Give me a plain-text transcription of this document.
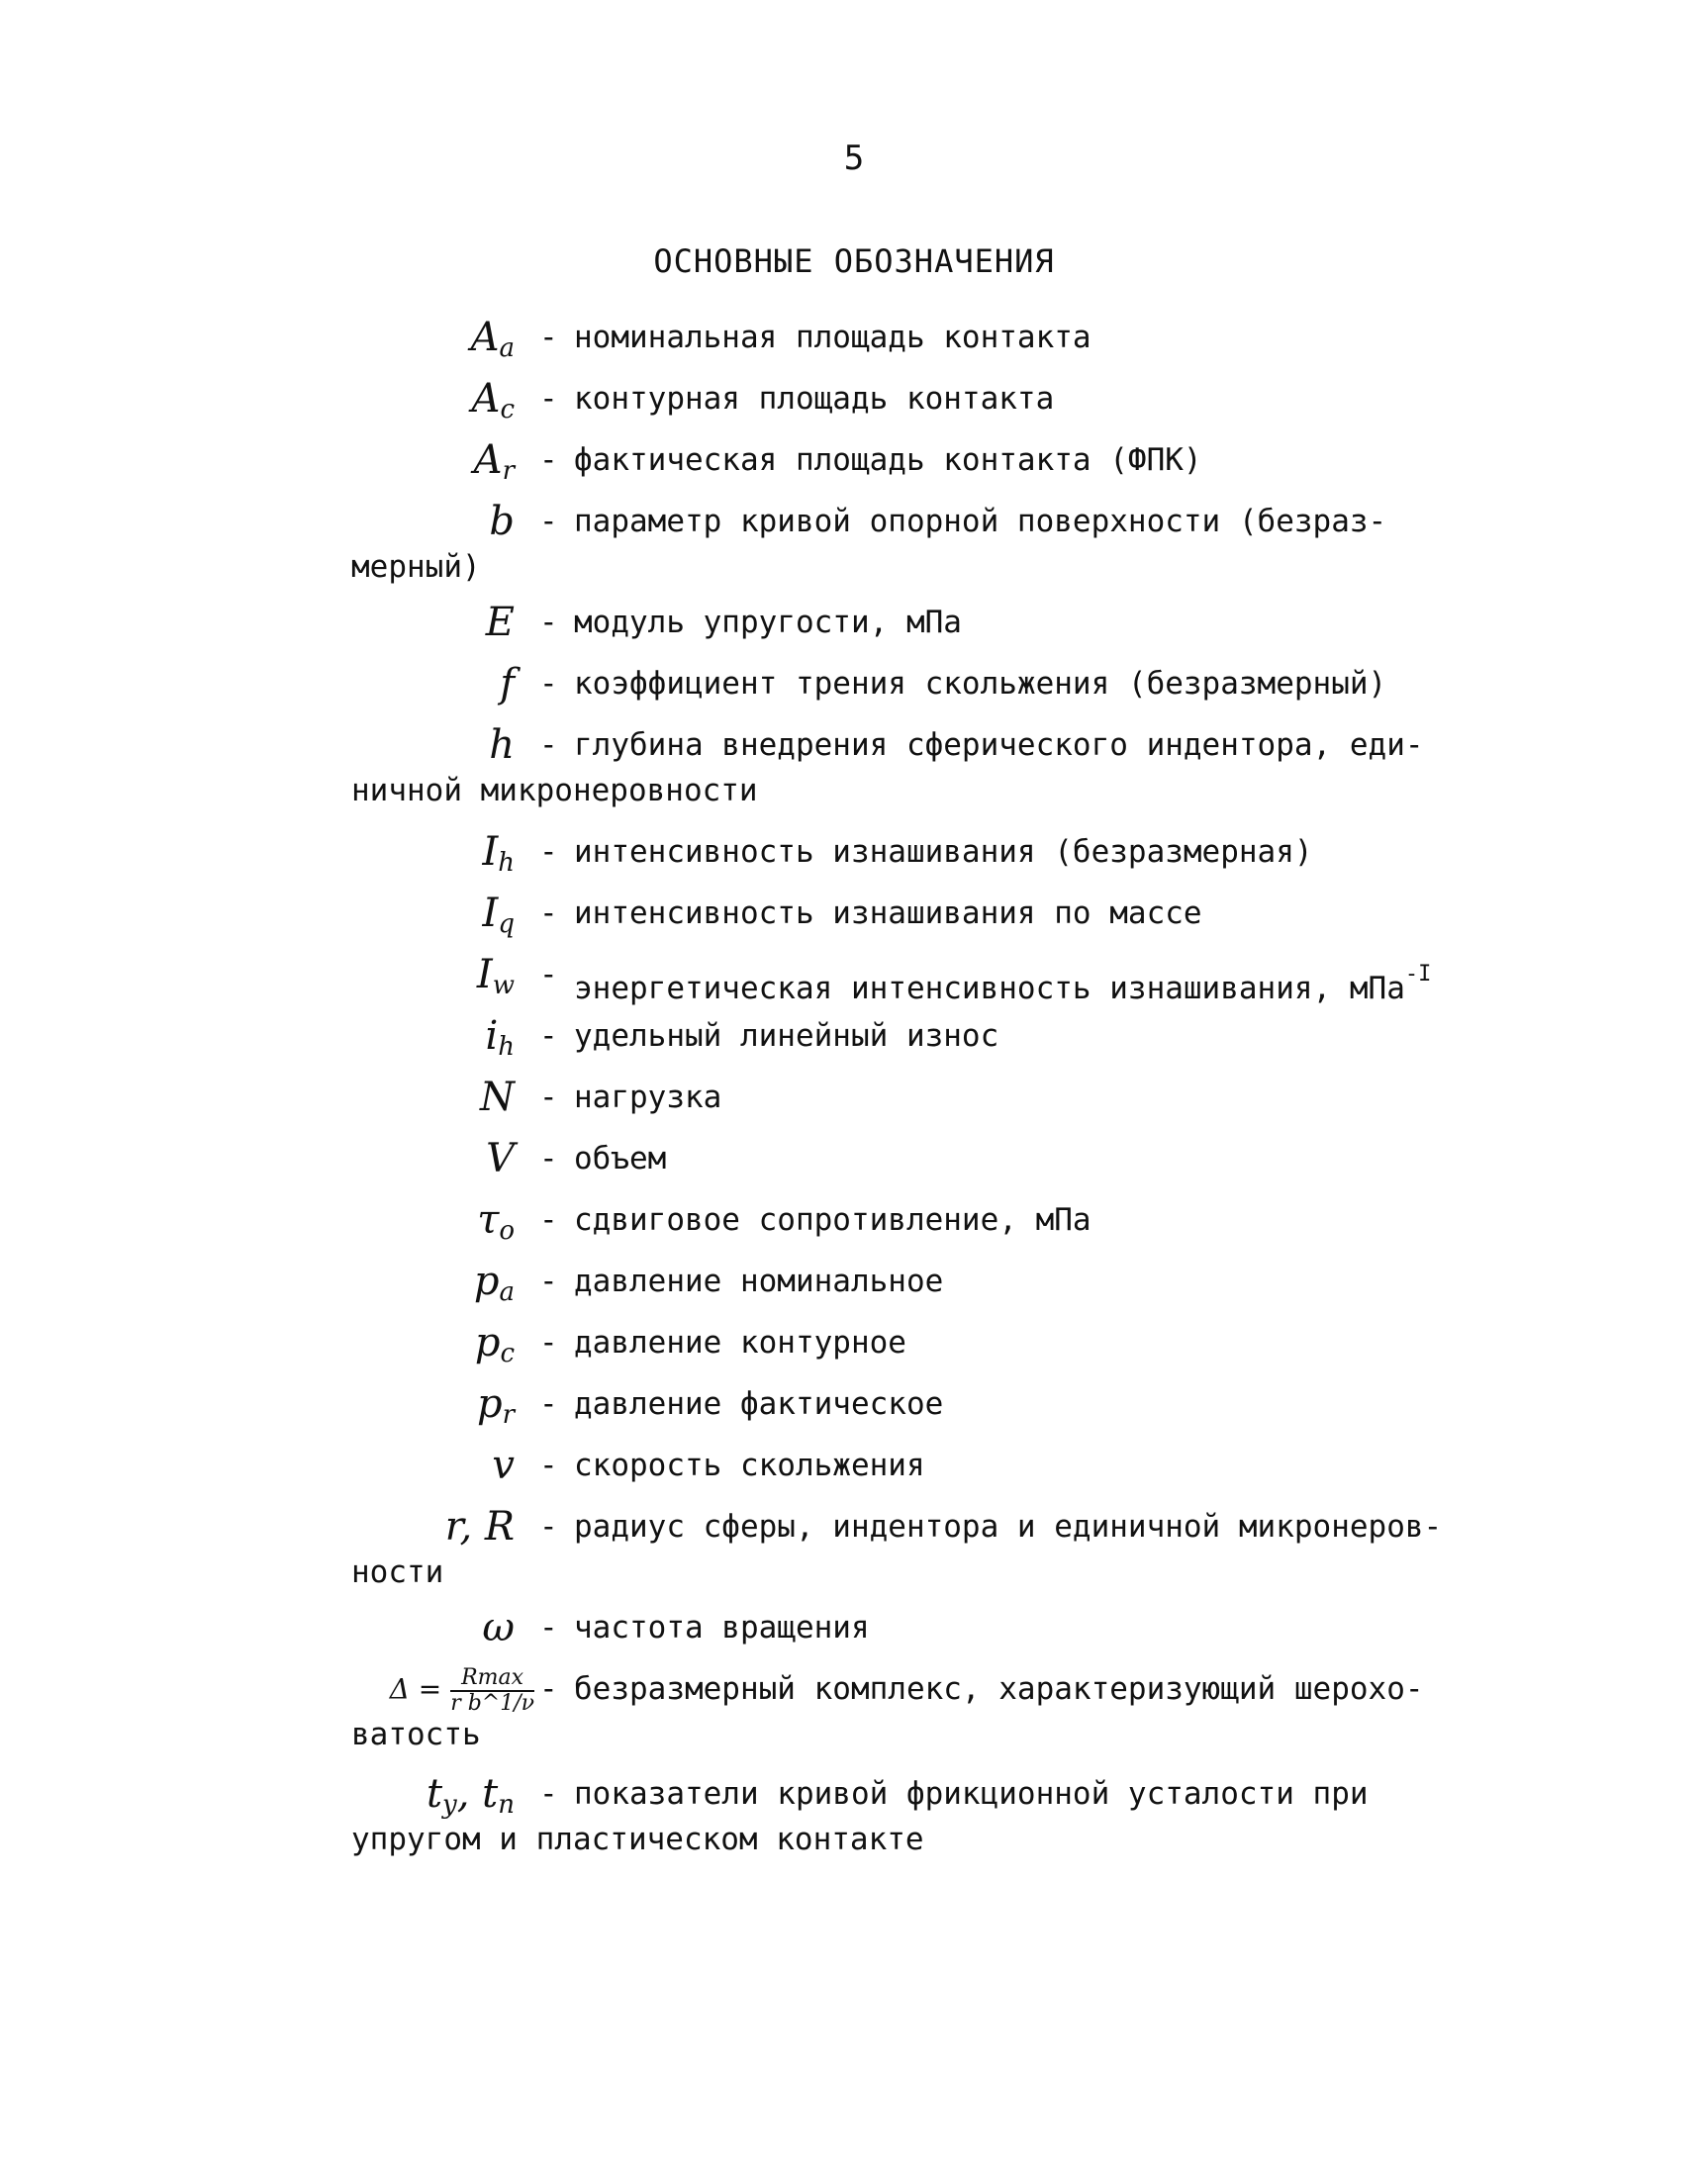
5
ОСНОВНЫЕ ОБОЗНАЧЕНИЯ
$A_a$ - номинальная площадь контакта
$A_c$ - контурная площадь контакта
$A_r$ - фактическая площадь контакта (ФПК)
b - параметр кривой опорной поверхности (безраз-
мерный)
E - модуль упругости, мПа
f - коэффициент трения скольжения (безразмерный)
h - глубина внедрения сферического индентора, еди-
ничной микронеровности
$I_h$ - интенсивность изнашивания (безразмерная)
$I_q$ - интенсивность изнашивания по массе
$I_w$ - энергетическая интенсивность изнашивания, мПа$^{-I}$
$i_h$ - удельный линейный износ
N - нагрузка
V - объем
$\tau_o$ - сдвиговое сопротивление, мПа
$p_a$ - давление номинальное
$p_c$ - давление контурное
$p_r$ - давление фактическое
v - скорость скольжения
r, R - радиус сферы, индентора и единичной микронеров-
ности
ω - частота вращения
$\Delta = \frac{Rmax}{\text{r b\textasciicircum{}1/ν}}$ - безразмерный комплекс, характеризующий шерохо-
ватость
$t_y$, $t_n$ - показатели кривой фрикционной усталости при
упругом и пластическом контакте
